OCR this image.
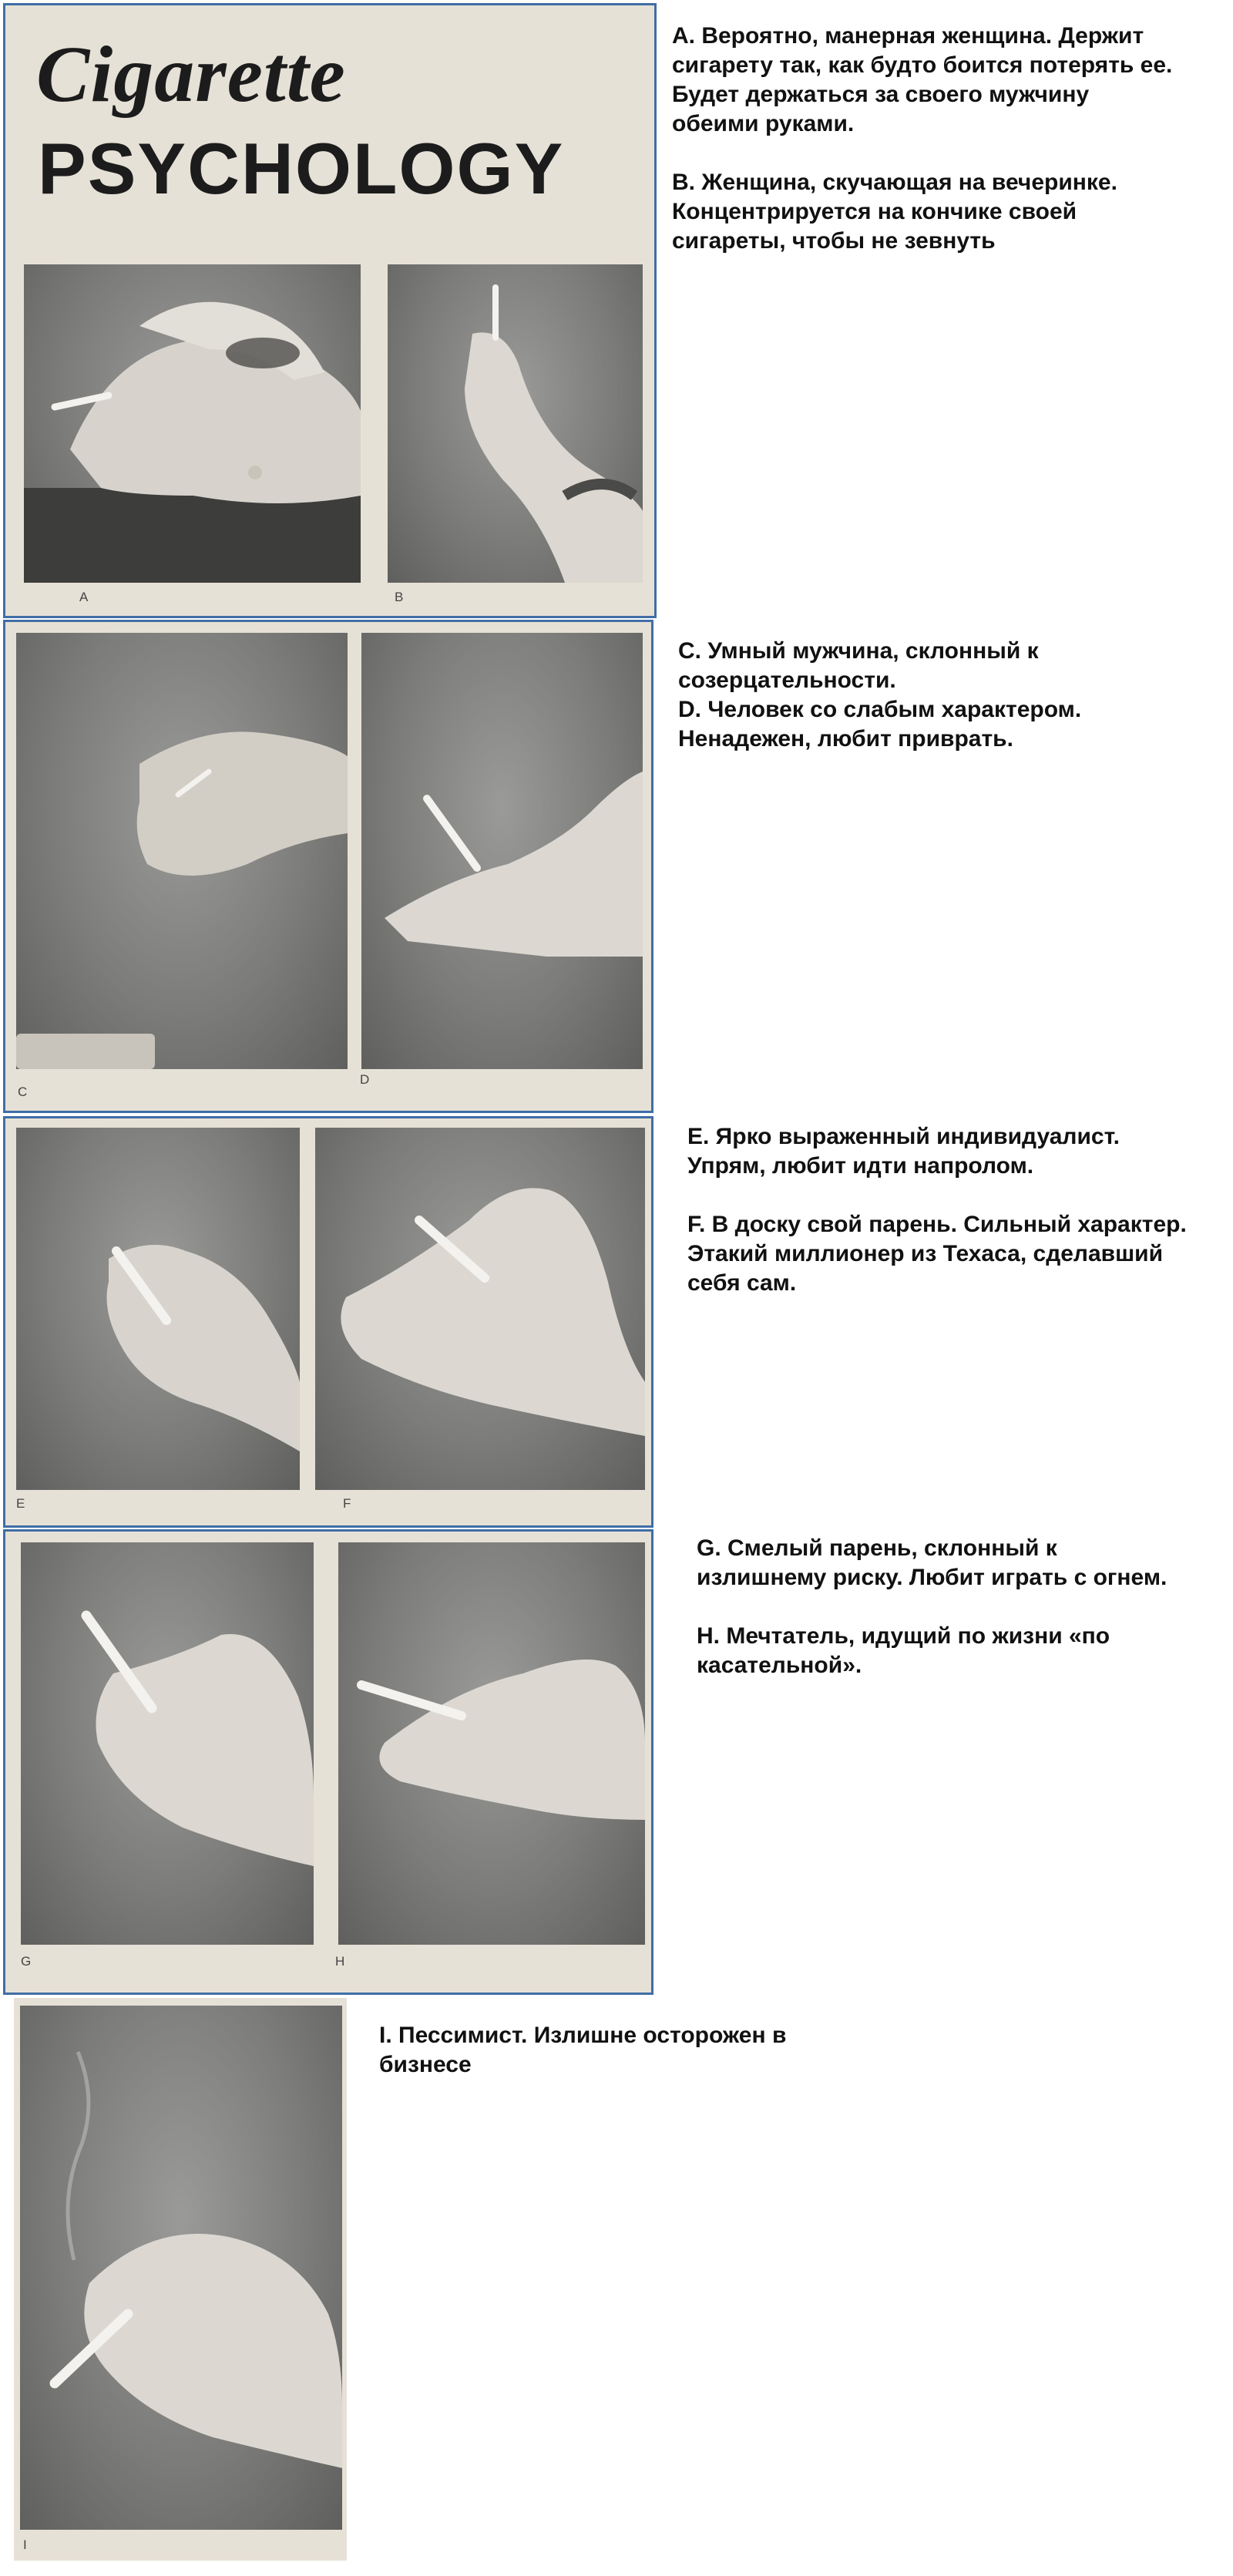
Cigarette
PSYCHOLOGY
A	B

A. Вероятно, манерная женщина. Держит
сигарету так, как будто боится потерять ее.
Будет держаться за своего мужчину
обеими руками.

B. Женщина, скучающая на вечеринке.
Концентрируется на кончике своей
сигареты, чтобы не зевнуть

C
D

C. Умный мужчина, склонный к
созерцательности.
D. Человек со слабым характером.
Ненадежен, любит приврать.

E	F

E. Ярко выраженный индивидуалист.
Упрям, любит идти напролом.

F. В доску свой парень. Сильный характер.
Этакий миллионер из Техаса, сделавший
себя сам.

G	H

G. Смелый парень, склонный к
излишнему риску. Любит играть с огнем.

H. Мечтатель, идущий по жизни «по
касательной».

I

I. Пессимист. Излишне осторожен в
бизнесе
